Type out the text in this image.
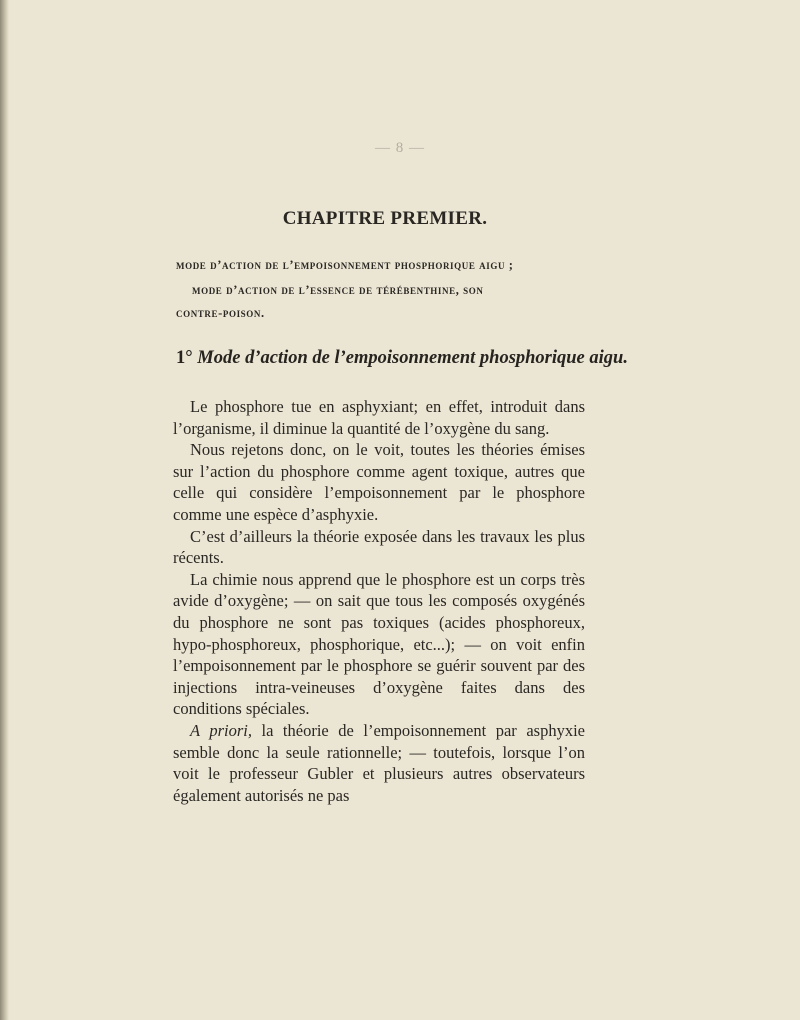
— 8 —
CHAPITRE PREMIER.
mode d’action de l’empoisonnement phosphorique aigu ;
mode d’action de l’essence de térébenthine, son
contre-poison.
1° Mode d’action de l’empoisonnement phosphorique aigu.

Le phosphore tue en asphyxiant; en effet, introduit dans l’organisme, il diminue la quantité de l’oxygène du sang.

Nous rejetons donc, on le voit, toutes les théories émises sur l’action du phosphore comme agent toxique, autres que celle qui considère l’empoisonnement par le phosphore comme une espèce d’asphyxie.

C’est d’ailleurs la théorie exposée dans les travaux les plus récents.

La chimie nous apprend que le phosphore est un corps très avide d’oxygène; — on sait que tous les composés oxygénés du phosphore ne sont pas toxiques (acides phosphoreux, hypo-phosphoreux, phosphorique, etc...); — on voit enfin l’empoisonnement par le phosphore se guérir souvent par des injections intra-veineuses d’oxygène faites dans des conditions spéciales.

A priori, la théorie de l’empoisonnement par asphyxie semble donc la seule rationnelle; — toutefois, lorsque l’on voit le professeur Gubler et plusieurs autres observateurs également autorisés ne pas
